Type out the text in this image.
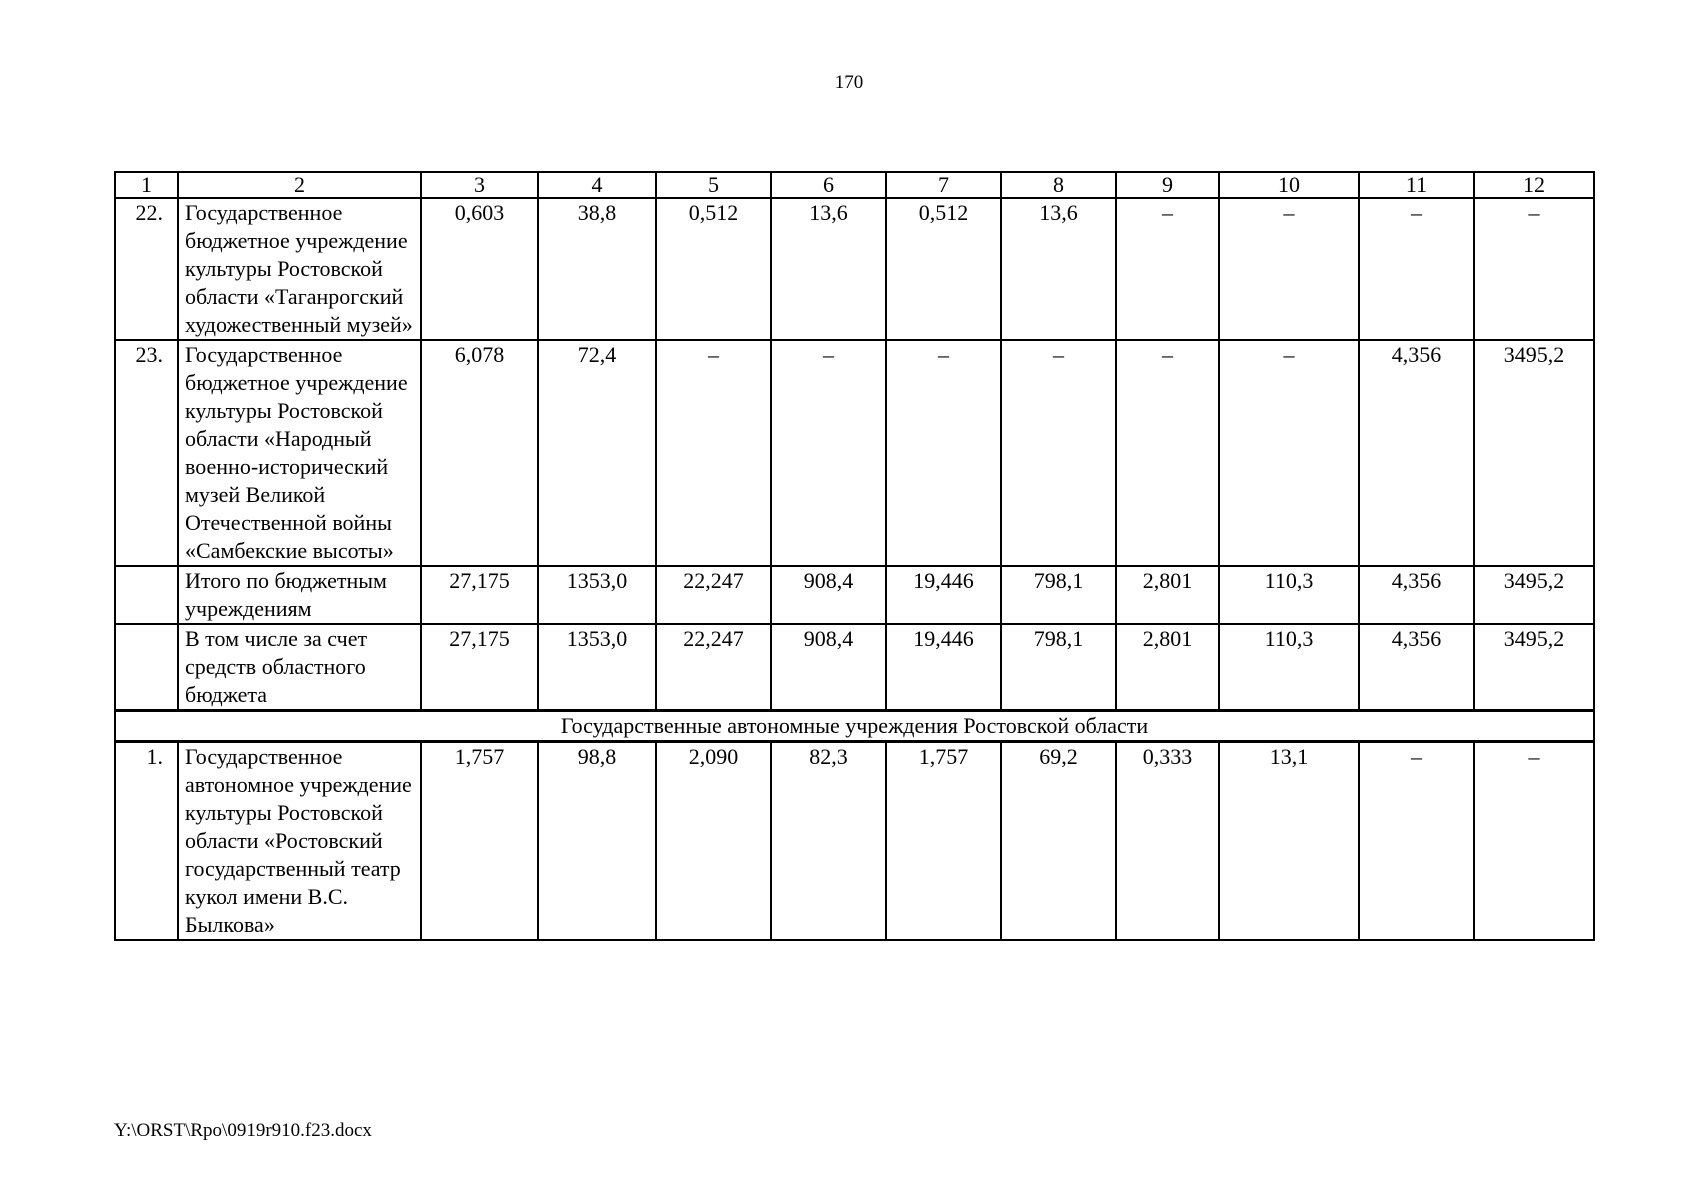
170
1	2	3	4	5	6	7	8	9	10	11	12
22.	Государственное бюджетное учреждение культуры Ростовской области «Таганрогский художественный музей»	0,603	38,8	0,512	13,6	0,512	13,6	–	–	–	–
23.	Государственное бюджетное учреждение культуры Ростовской области «Народный военно-исторический музей Великой Отечественной войны «Самбекские высоты»	6,078	72,4	–	–	–	–	–	–	4,356	3495,2
	Итого по бюджетным учреждениям	27,175	1353,0	22,247	908,4	19,446	798,1	2,801	110,3	4,356	3495,2
	В том числе за счет средств областного бюджета	27,175	1353,0	22,247	908,4	19,446	798,1	2,801	110,3	4,356	3495,2
Государственные автономные учреждения Ростовской области											
1.	Государственное автономное учреждение культуры Ростовской области «Ростовский государственный театр кукол имени В.С. Былкова»	1,757	98,8	2,090	82,3	1,757	69,2	0,333	13,1	–	–
Y:\ORST\Rpo\0919r910.f23.docx
